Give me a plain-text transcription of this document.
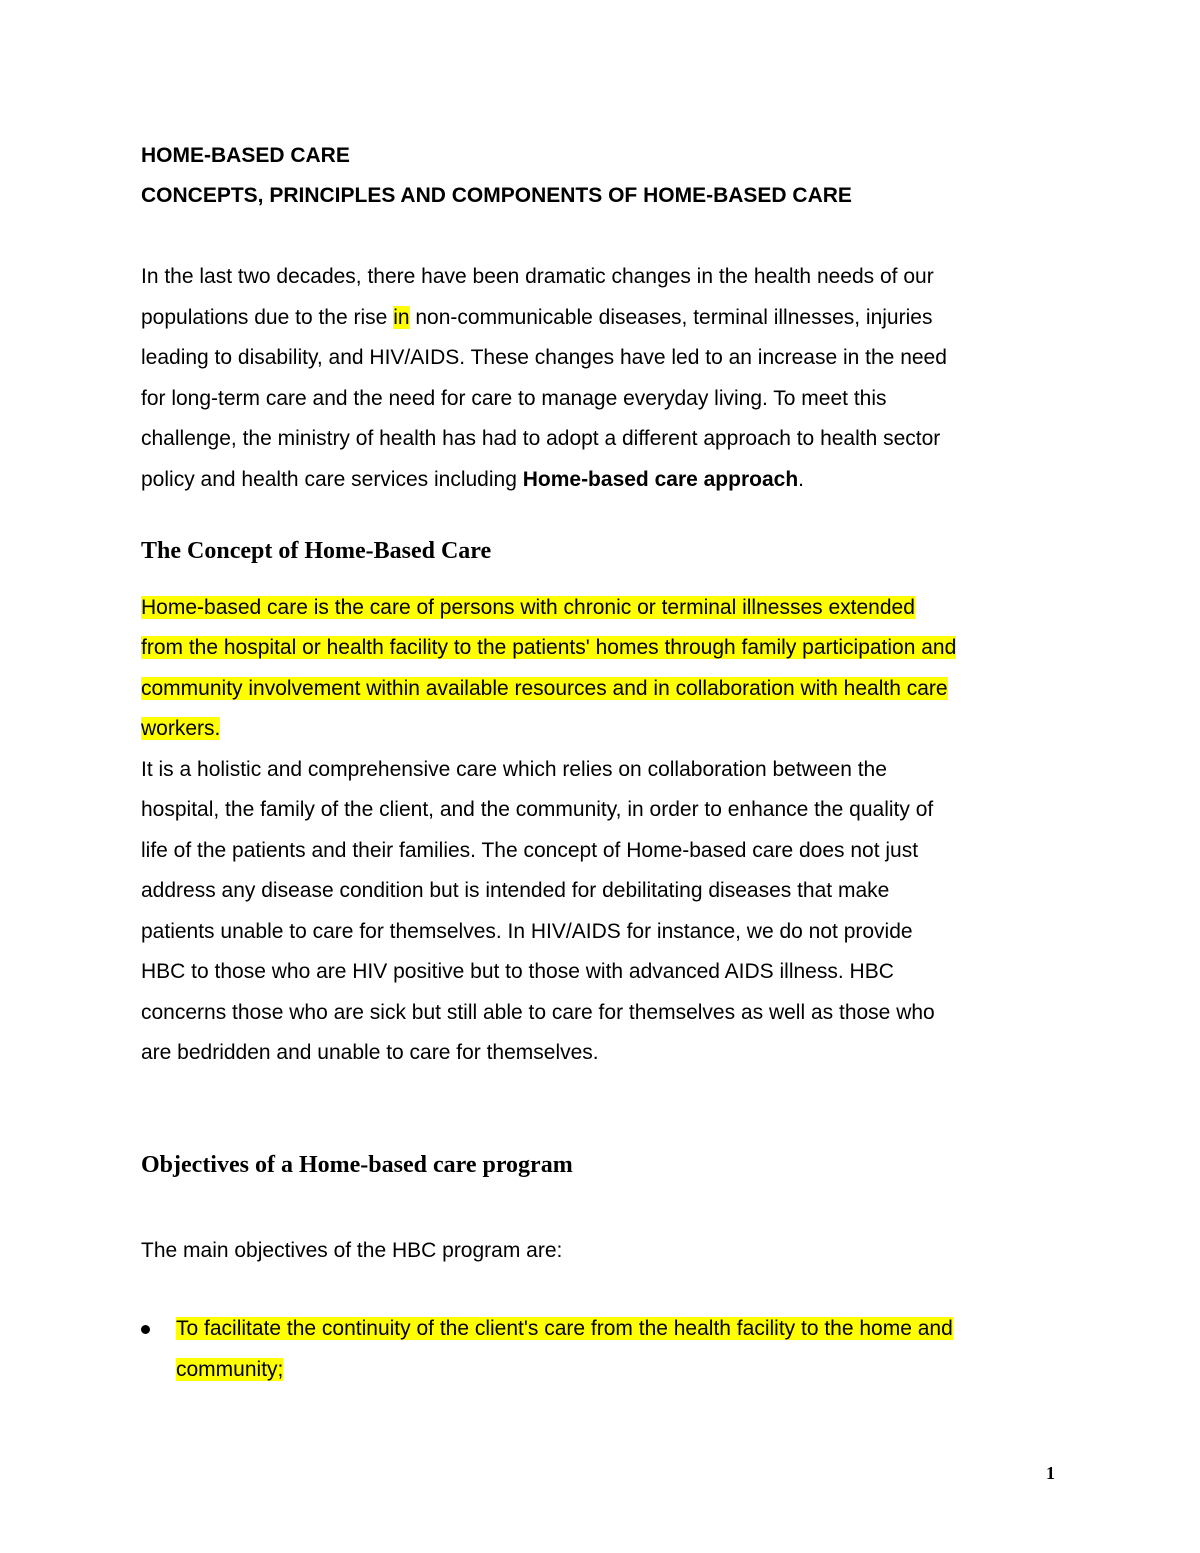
HOME-BASED CARE
CONCEPTS, PRINCIPLES AND COMPONENTS OF HOME-BASED CARE
In the last two decades, there have been dramatic changes in the health needs of our
populations due to the rise in non-communicable diseases, terminal illnesses, injuries
leading to disability, and HIV/AIDS. These changes have led to an increase in the need
for long-term care and the need for care to manage everyday living. To meet this
challenge, the ministry of health has had to adopt a different approach to health sector
policy and health care services including Home-based care approach.
The Concept of Home-Based Care
Home-based care is the care of persons with chronic or terminal illnesses extended
from the hospital or health facility to the patients' homes through family participation and
community involvement within available resources and in collaboration with health care
workers.
It is a holistic and comprehensive care which relies on collaboration between the
hospital, the family of the client, and the community, in order to enhance the quality of
life of the patients and their families. The concept of Home-based care does not just
address any disease condition but is intended for debilitating diseases that make
patients unable to care for themselves. In HIV/AIDS for instance, we do not provide
HBC to those who are HIV positive but to those with advanced AIDS illness. HBC
concerns those who are sick but still able to care for themselves as well as those who
are bedridden and unable to care for themselves.
Objectives of a Home-based care program
The main objectives of the HBC program are:
To facilitate the continuity of the client's care from the health facility to the home and
community;
1
